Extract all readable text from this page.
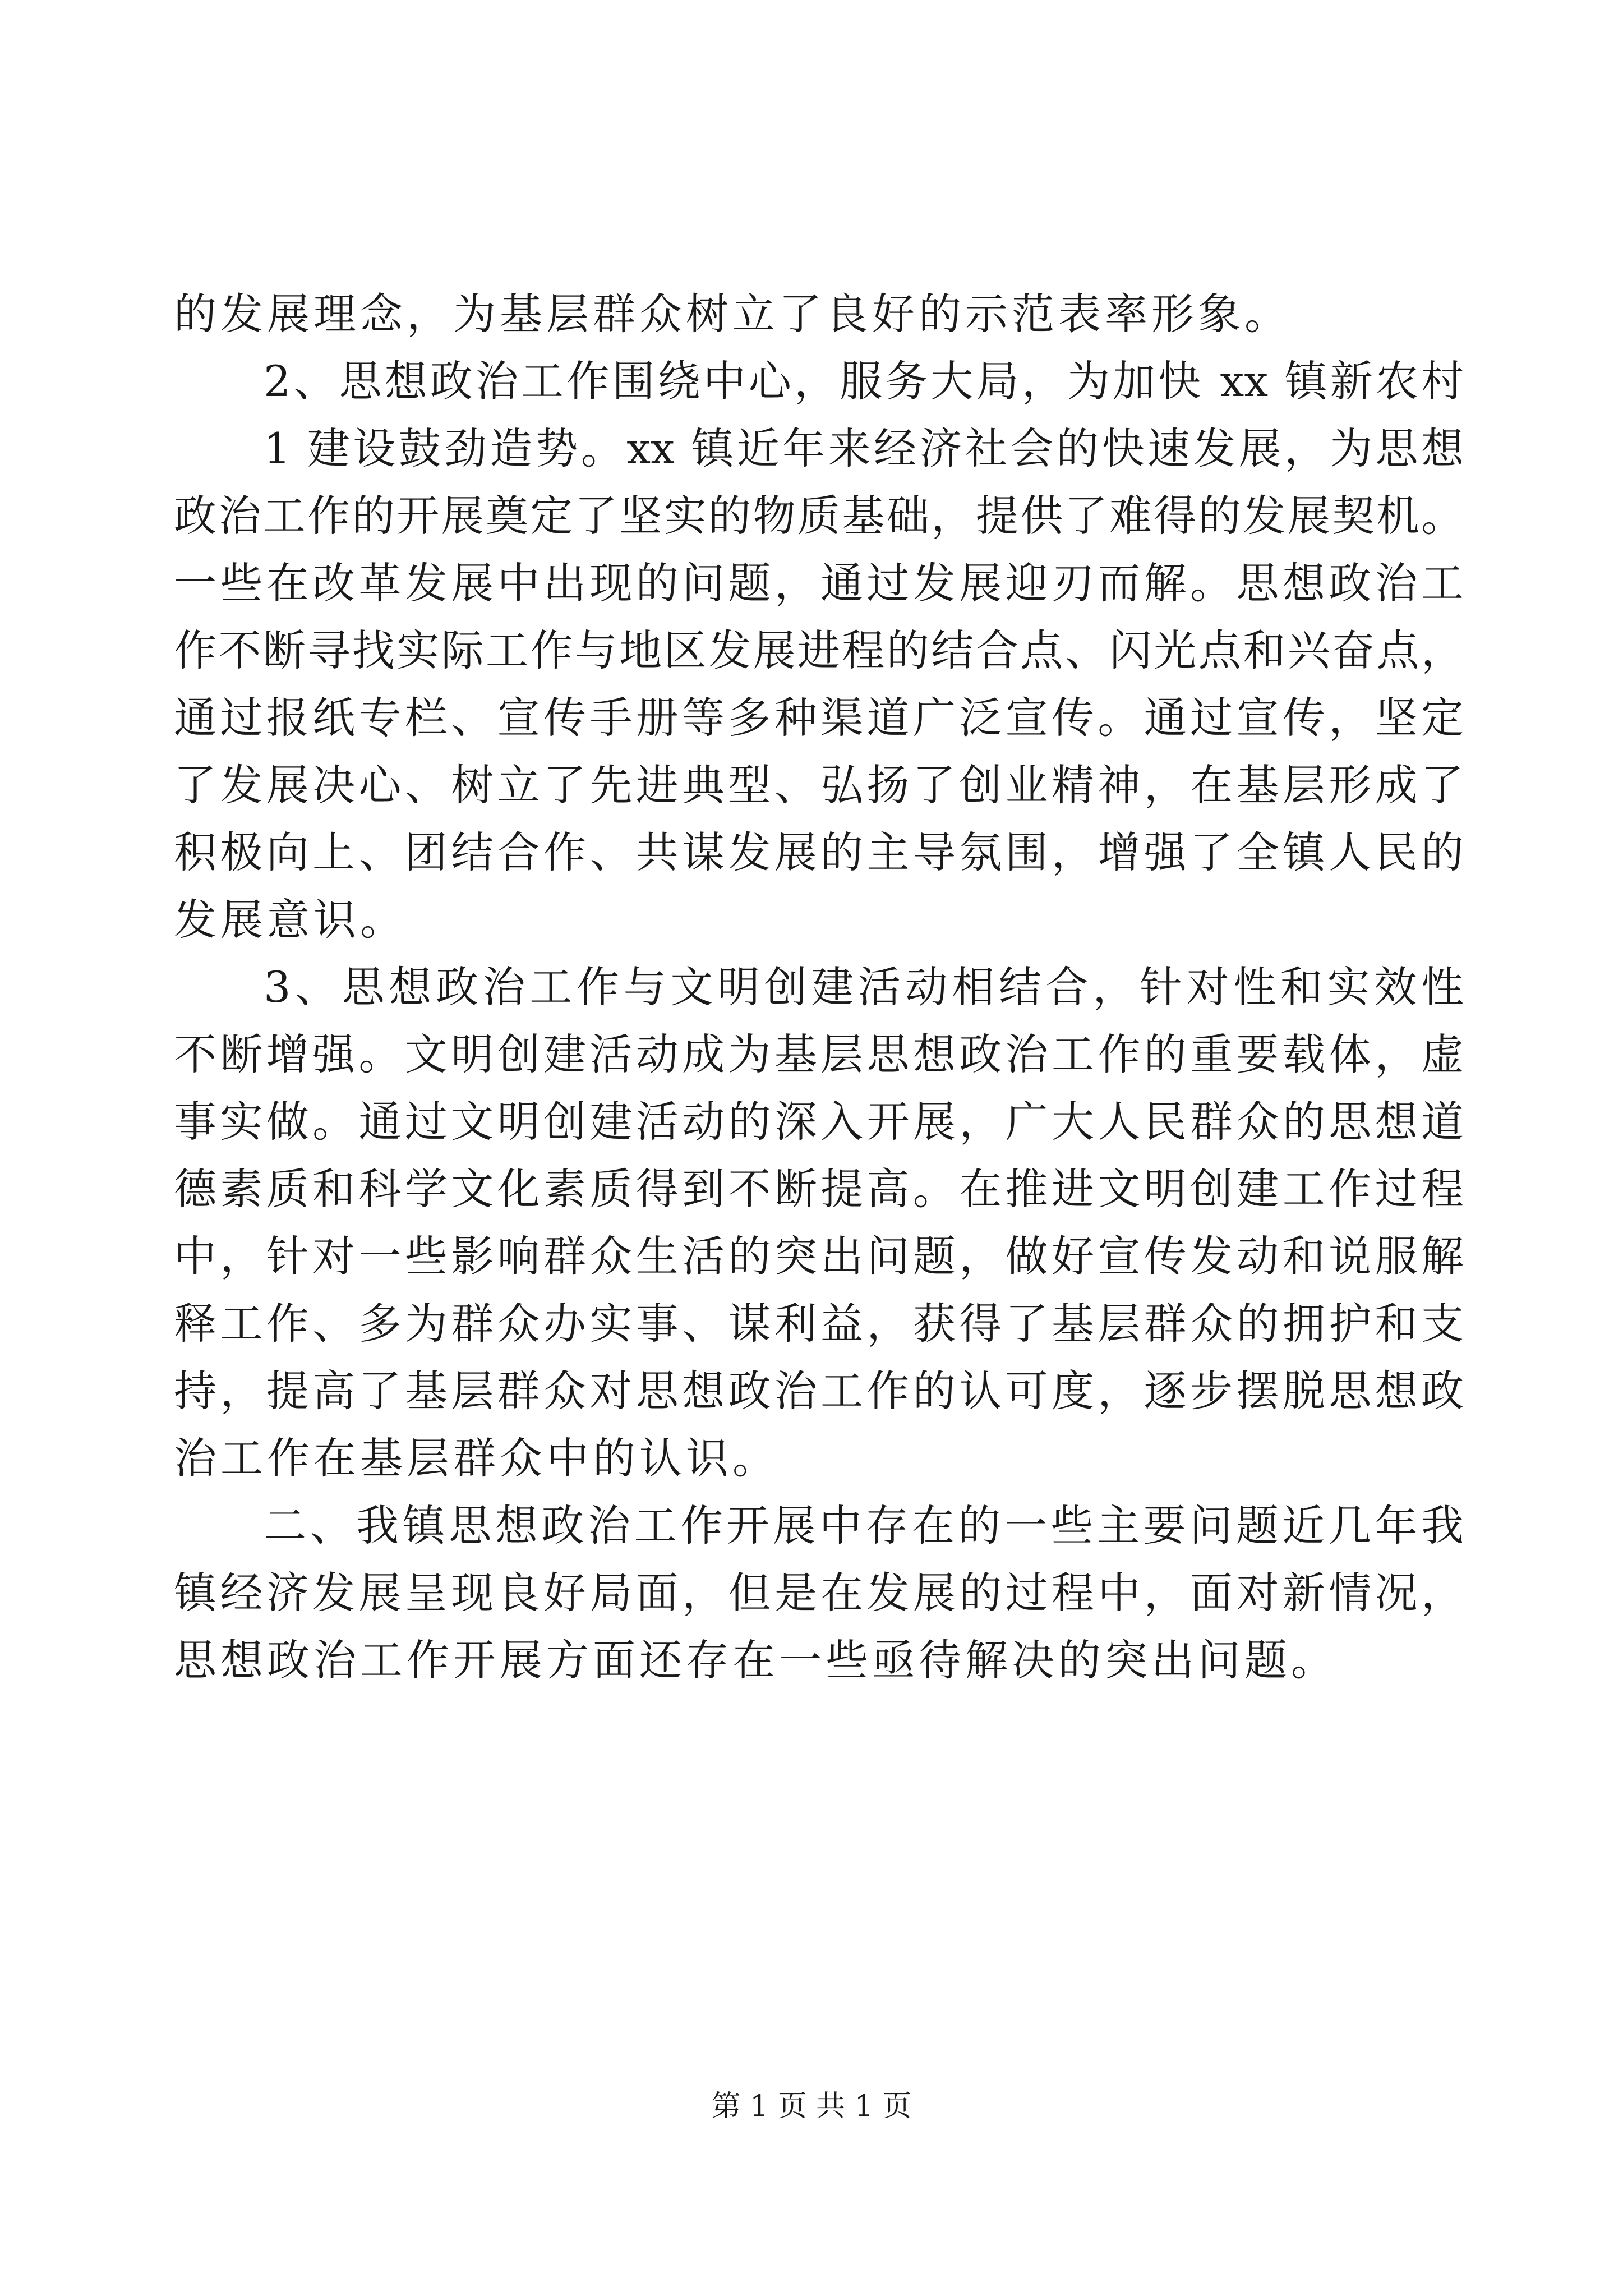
的发展理念，为基层群众树立了良好的示范表率形象。
2、思想政治工作围绕中心，服务大局，为加快 xx 镇新农村
1 建设鼓劲造势。xx 镇近年来经济社会的快速发展，为思想
政治工作的开展奠定了坚实的物质基础，提供了难得的发展契机。
一些在改革发展中出现的问题，通过发展迎刃而解。思想政治工
作不断寻找实际工作与地区发展进程的结合点、闪光点和兴奋点，
通过报纸专栏、宣传手册等多种渠道广泛宣传。通过宣传，坚定
了发展决心、树立了先进典型、弘扬了创业精神，在基层形成了
积极向上、团结合作、共谋发展的主导氛围，增强了全镇人民的
发展意识。
3、思想政治工作与文明创建活动相结合，针对性和实效性
不断增强。文明创建活动成为基层思想政治工作的重要载体，虚
事实做。通过文明创建活动的深入开展，广大人民群众的思想道
德素质和科学文化素质得到不断提高。在推进文明创建工作过程
中，针对一些影响群众生活的突出问题，做好宣传发动和说服解
释工作、多为群众办实事、谋利益，获得了基层群众的拥护和支
持，提高了基层群众对思想政治工作的认可度，逐步摆脱思想政
治工作在基层群众中的认识。
二、我镇思想政治工作开展中存在的一些主要问题近几年我
镇经济发展呈现良好局面，但是在发展的过程中，面对新情况，
思想政治工作开展方面还存在一些亟待解决的突出问题。
第 1 页 共 1 页
